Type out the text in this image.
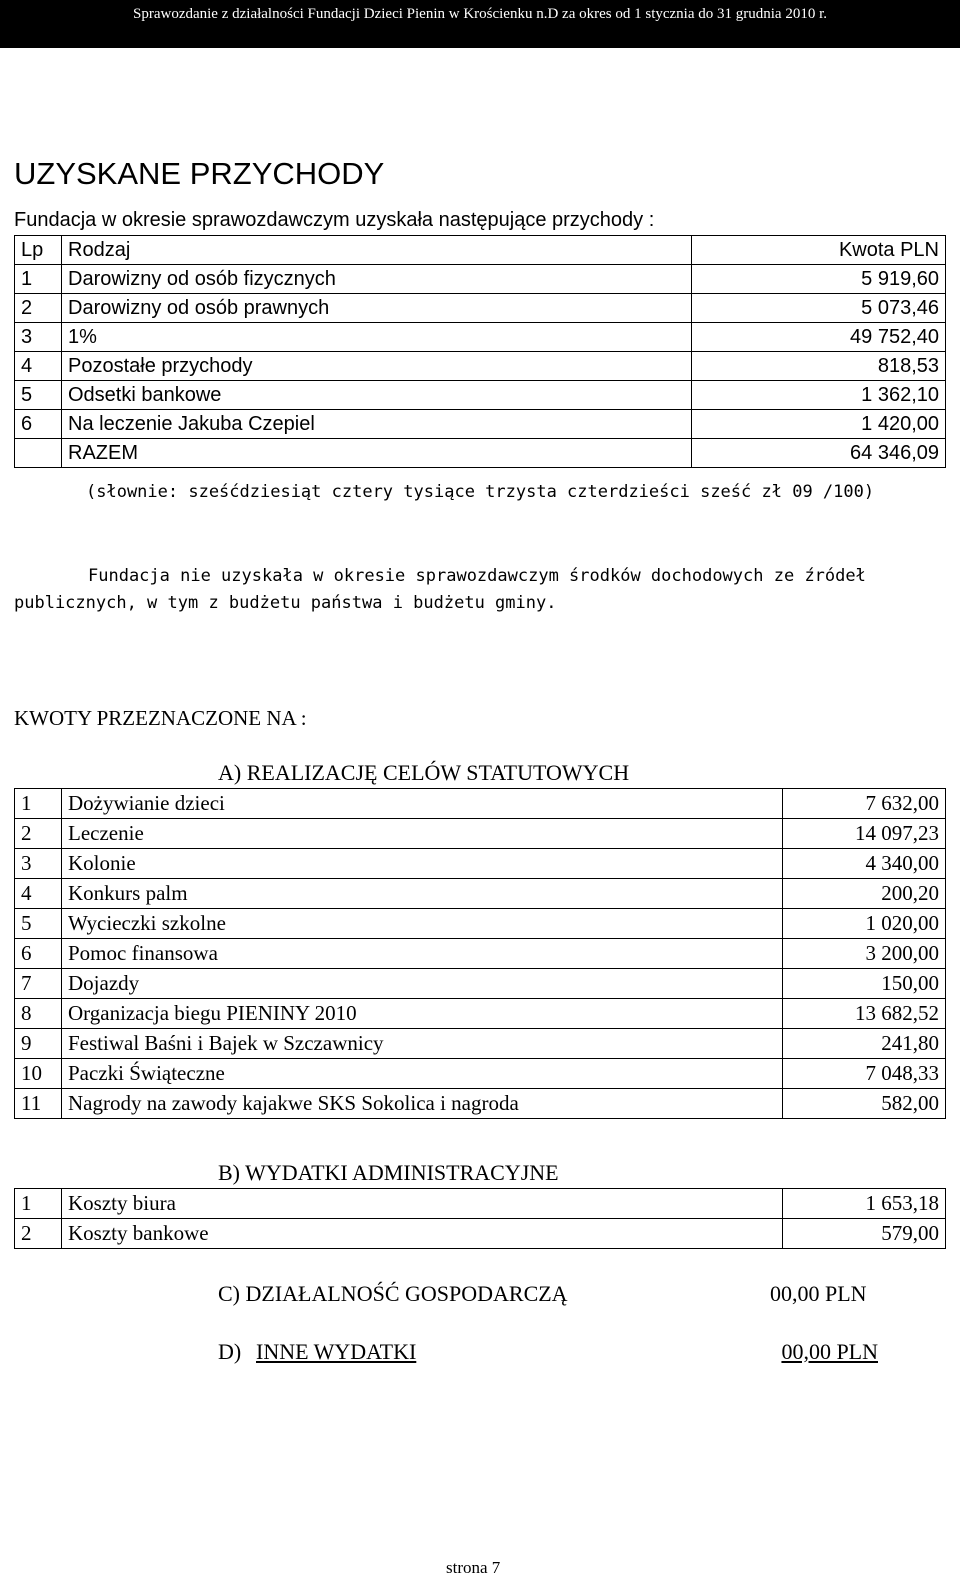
Sprawozdanie z działalności Fundacji Dzieci Pienin w Krościenku n.D za okres od 1 stycznia do 31 grudnia 2010 r.
UZYSKANE PRZYCHODY
Fundacja w okresie sprawozdawczym uzyskała następujące przychody :
Lp	Rodzaj	Kwota PLN
1	Darowizny od osób fizycznych	5 919,60
2	Darowizny od osób prawnych	5 073,46
3	1%	49 752,40
4	Pozostałe przychody	818,53
5	Odsetki bankowe	1 362,10
6	Na leczenie Jakuba Czepiel	1 420,00
	RAZEM	64 346,09
(słownie: sześćdziesiąt cztery tysiące trzysta czterdzieści sześć zł 09 /100)
Fundacja nie uzyskała w okresie sprawozdawczym środków dochodowych ze źródeł
publicznych, w tym z budżetu państwa i budżetu gminy.
KWOTY PRZEZNACZONE NA :
A) REALIZACJĘ CELÓW STATUTOWYCH
1	Dożywianie dzieci	7 632,00
2	Leczenie	14 097,23
3	Kolonie	4 340,00
4	Konkurs palm	200,20
5	Wycieczki szkolne	1 020,00
6	Pomoc finansowa	3 200,00
7	Dojazdy	150,00
8	Organizacja biegu PIENINY 2010	13 682,52
9	Festiwal Baśni i Bajek w Szczawnicy	241,80
10	Paczki Świąteczne	7 048,33
11	Nagrody na zawody kajakwe SKS Sokolica i nagroda	582,00
B) WYDATKI ADMINISTRACYJNE
1	Koszty biura	1 653,18
2	Koszty bankowe	579,00
C) DZIAŁALNOŚĆ GOSPODARCZĄ	00,00 PLN
D) INNE WYDATKI	00,00 PLN
strona 7
